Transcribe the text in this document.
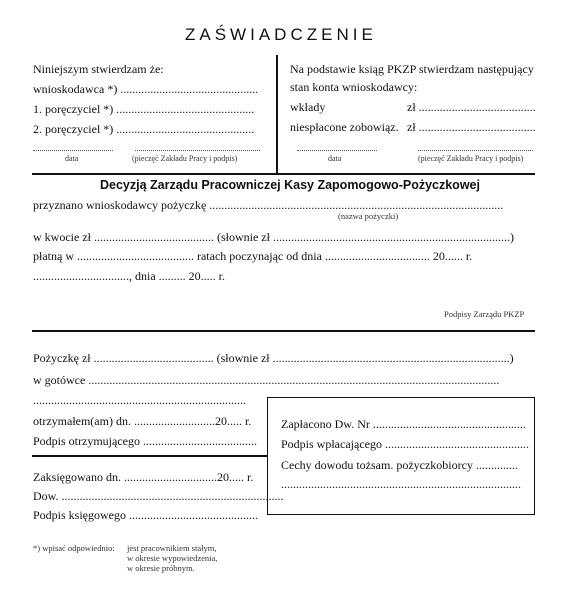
ZAŚWIADCZENIE
Niniejszym stwierdzam że:
wnioskodawca *) ..............................................
1. poręczyciel *) ..............................................
2. poręczyciel *) ..............................................
data	(pieczęć Zakładu Pracy i podpis)
Na podstawie ksiąg PKZP stwierdzam następujący
stan konta wnioskodawcy:
wkłady	zł .......................................
niespłacone zobowiąz. zł .......................................
data	(pieczęć Zakładu Pracy i podpis)
Decyzją Zarządu Pracowniczej Kasy Zapomogowo-Pożyczkowej
przyznano wnioskodawcy pożyczkę ..................................................................................................
(nazwa pożyczki)
w kwocie zł ........................................ (słownie zł ...............................................................................)
płatną w ....................................... ratach poczynając od dnia ................................... 20...... r.
................................, dnia ......... 20..... r.
Podpisy Zarządu PKZP
Pożyczkę zł ........................................ (słownie zł ...............................................................................)
w gotówce .........................................................................................................................................
.......................................................................
otrzymałem(am) dn. ...........................20..... r.
Podpis otrzymującego ......................................
Zaksięgowano dn. ...............................20..... r.
Dow. ..........................................................................
Podpis księgowego ...........................................
Zapłacono Dw. Nr ...................................................
Podpis wpłacającego ................................................
Cechy dowodu tożsam. pożyczkobiorcy ..............
................................................................................
*) wpisać odpowiednio: jest pracownikiem stałym,
w okresie wypowiedzenia,
w okresie próbnym.
